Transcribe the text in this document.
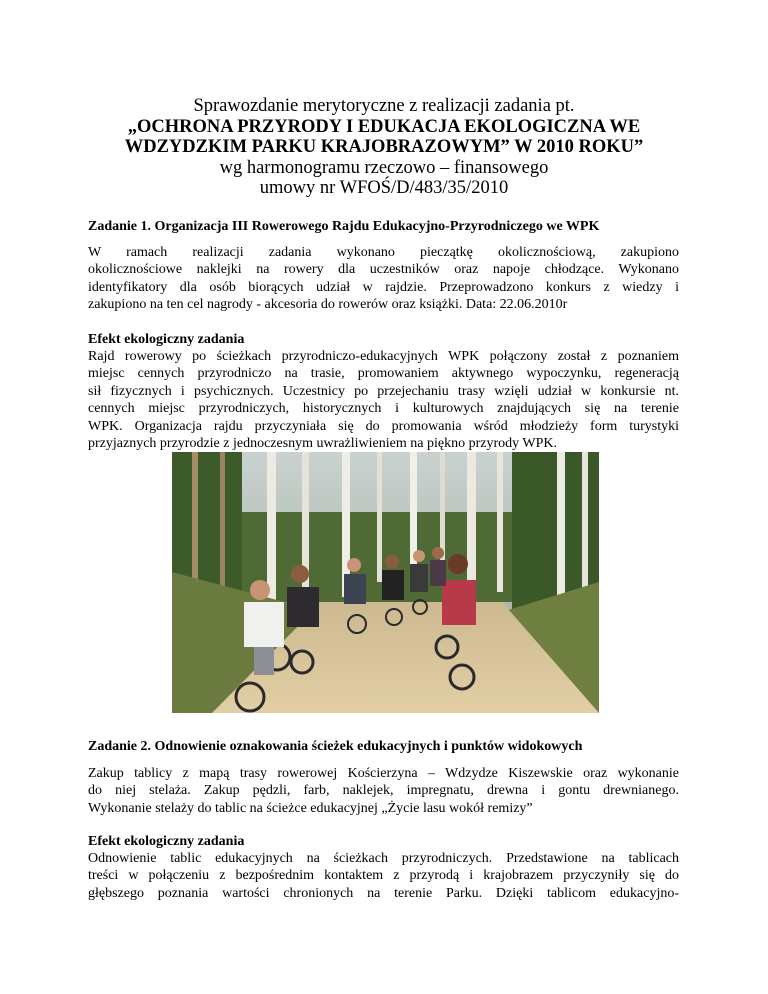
Sprawozdanie merytoryczne z realizacji zadania pt.
„OCHRONA PRZYRODY I EDUKACJA EKOLOGICZNA WE
WDZYDZKIM PARKU KRAJOBRAZOWYM” W 2010 ROKU”
wg harmonogramu rzeczowo – finansowego
umowy nr WFOŚ/D/483/35/2010
Zadanie 1. Organizacja III Rowerowego Rajdu Edukacyjno-Przyrodniczego we WPK
W ramach realizacji zadania wykonano pieczątkę okolicznościową, zakupiono
okolicznościowe naklejki na rowery dla uczestników oraz napoje chłodzące. Wykonano
identyfikatory dla osób biorących udział w rajdzie. Przeprowadzono konkurs z wiedzy i
zakupiono na ten cel nagrody - akcesoria do rowerów oraz książki. Data: 22.06.2010r
Efekt ekologiczny zadania
Rajd rowerowy po ścieżkach przyrodniczo-edukacyjnych WPK połączony został z poznaniem
miejsc cennych przyrodniczo na trasie, promowaniem aktywnego wypoczynku, regeneracją
sił fizycznych i psychicznych. Uczestnicy po przejechaniu trasy wzięli udział w konkursie nt.
cennych miejsc przyrodniczych, historycznych i kulturowych znajdujących się na terenie
WPK. Organizacja rajdu przyczyniała się do promowania wśród młodzieży form turystyki
przyjaznych przyrodzie z jednoczesnym uwrażliwieniem na piękno przyrody WPK.
Zadanie 2. Odnowienie oznakowania ścieżek edukacyjnych i punktów widokowych
Zakup tablicy z mapą trasy rowerowej Kościerzyna – Wdzydze Kiszewskie oraz wykonanie
do niej stelaża. Zakup pędzli, farb, naklejek, impregnatu, drewna i gontu drewnianego.
Wykonanie stelaży do tablic na ścieżce edukacyjnej „Życie lasu wokół remizy”
Efekt ekologiczny zadania
Odnowienie tablic edukacyjnych na ścieżkach przyrodniczych. Przedstawione na tablicach
treści w połączeniu z bezpośrednim kontaktem z przyrodą i krajobrazem przyczyniły się do
głębszego poznania wartości chronionych na terenie Parku. Dzięki tablicom edukacyjno-
